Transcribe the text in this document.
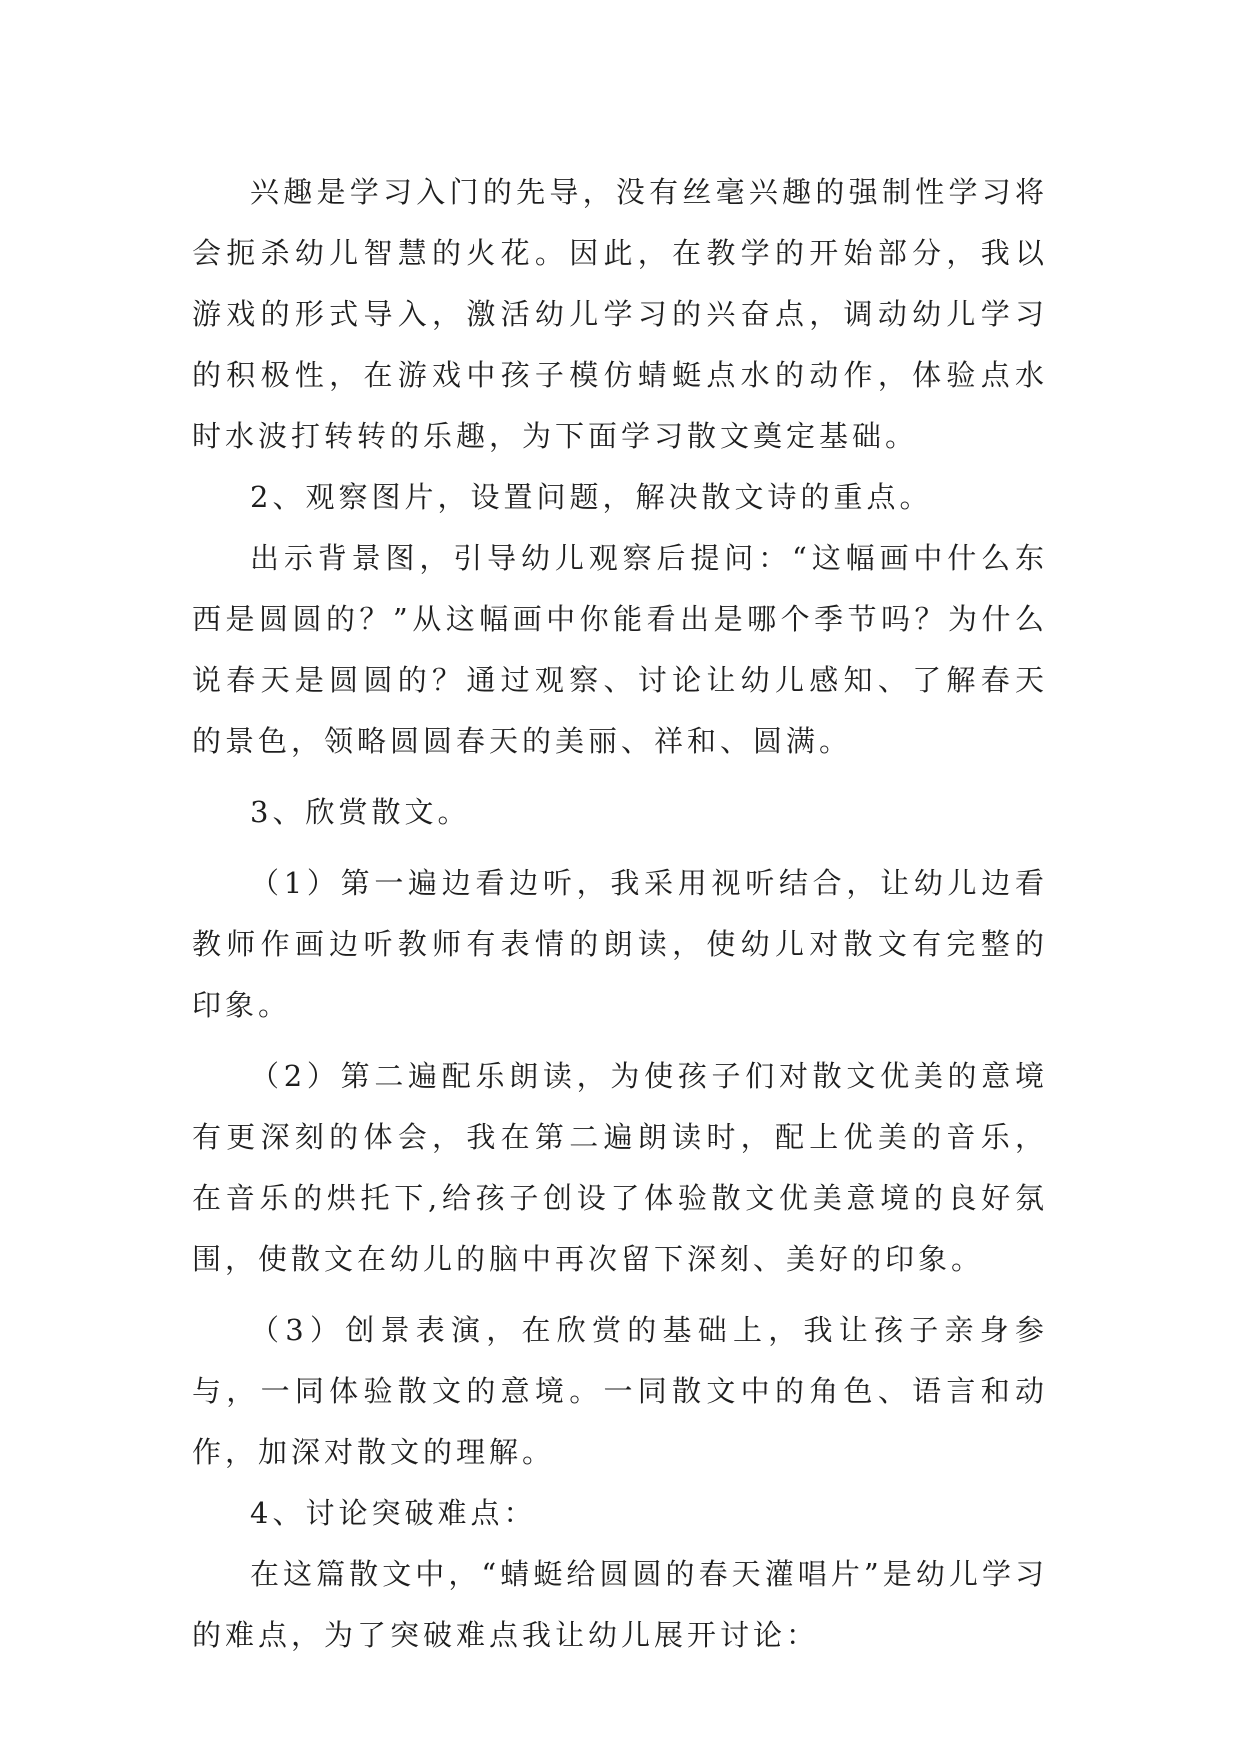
兴趣是学习入门的先导，没有丝毫兴趣的强制性学习将会扼杀幼儿智慧的火花。因此，在教学的开始部分，我以游戏的形式导入，激活幼儿学习的兴奋点，调动幼儿学习的积极性，在游戏中孩子模仿蜻蜓点水的动作，体验点水时水波打转转的乐趣，为下面学习散文奠定基础。

2、观察图片，设置问题，解决散文诗的重点。

出示背景图，引导幼儿观察后提问：“这幅画中什么东西是圆圆的？”从这幅画中你能看出是哪个季节吗？为什么说春天是圆圆的？通过观察、讨论让幼儿感知、了解春天的景色，领略圆圆春天的美丽、祥和、圆满。

3、欣赏散文。

（1）第一遍边看边听，我采用视听结合，让幼儿边看教师作画边听教师有表情的朗读，使幼儿对散文有完整的印象。

（2）第二遍配乐朗读，为使孩子们对散文优美的意境有更深刻的体会，我在第二遍朗读时，配上优美的音乐，在音乐的烘托下,给孩子创设了体验散文优美意境的良好氛围，使散文在幼儿的脑中再次留下深刻、美好的印象。

（3）创景表演，在欣赏的基础上，我让孩子亲身参与，一同体验散文的意境。一同散文中的角色、语言和动作，加深对散文的理解。

4、讨论突破难点：

在这篇散文中，“蜻蜓给圆圆的春天灌唱片”是幼儿学习的难点，为了突破难点我让幼儿展开讨论：
